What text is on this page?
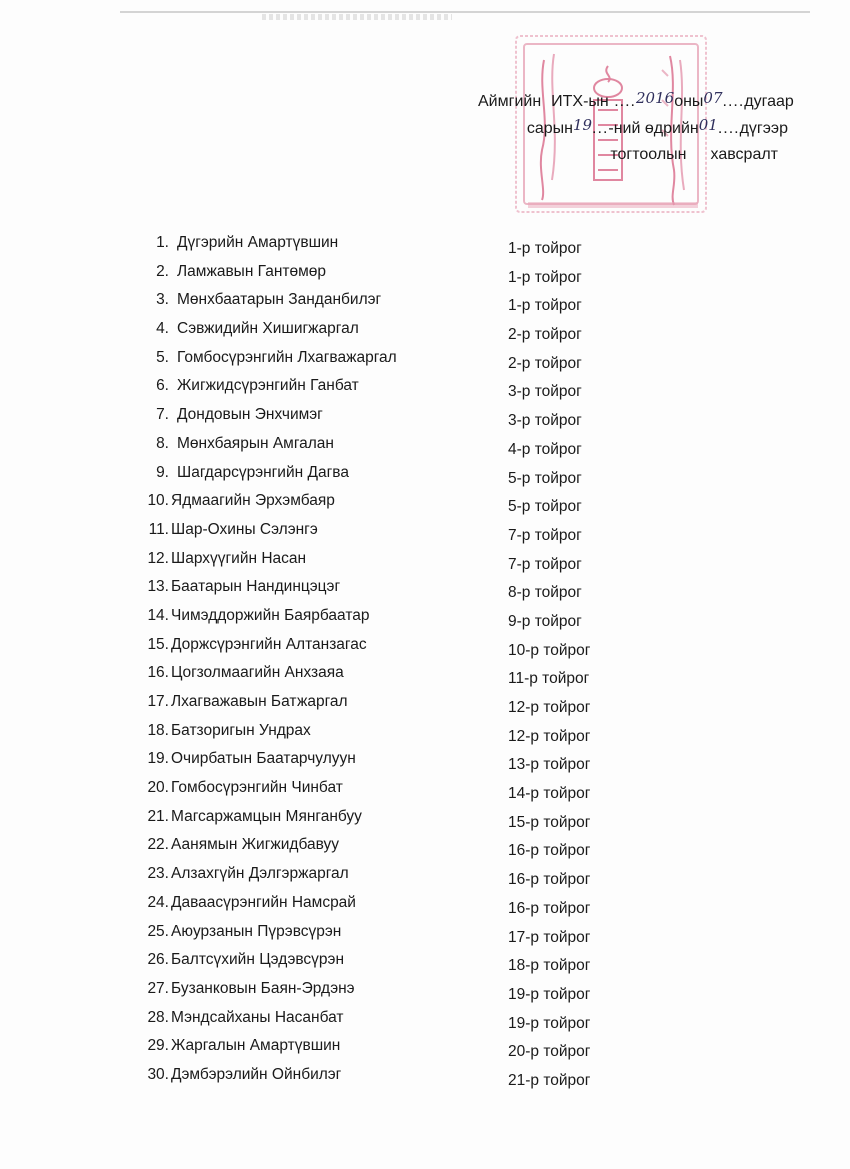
Аймгийн ИТХ-ын ....2016оны07....дугаар
сарын19...-ний өдрийн01....дүгээр
тогтоолын хавсралт
1. Дүгэрийн Амартүвшин	1-р тойрог
2. Ламжавын Гантөмөр	1-р тойрог
3. Мөнхбаатарын Занданбилэг	1-р тойрог
4. Сэвжидийн Хишигжаргал	2-р тойрог
5. Гомбосүрэнгийн Лхагважаргал	2-р тойрог
6. Жигжидсүрэнгийн Ганбат	3-р тойрог
7. Дондовын Энхчимэг	3-р тойрог
8. Мөнхбаярын Амгалан	4-р тойрог
9. Шагдарсүрэнгийн Дагва	5-р тойрог
10. Ядмаагийн Эрхэмбаяр	5-р тойрог
11. Шар-Охины Сэлэнгэ	7-р тойрог
12. Шархүүгийн Насан	7-р тойрог
13. Баатарын Нандинцэцэг	8-р тойрог
14. Чимэддоржийн Баярбаатар	9-р тойрог
15. Доржсүрэнгийн Алтанзагас	10-р тойрог
16. Цогзолмаагийн Анхзаяа	11-р тойрог
17. Лхагважавын Батжаргал	12-р тойрог
18. Батзоригын Ундрах	12-р тойрог
19. Очирбатын Баатарчулуун	13-р тойрог
20. Гомбосүрэнгийн Чинбат	14-р тойрог
21. Магсаржамцын Мянганбуу	15-р тойрог
22. Аанямын Жигжидбавуу	16-р тойрог
23. Алзахгүйн Дэлгэржаргал	16-р тойрог
24. Даваасүрэнгийн Намсрай	16-р тойрог
25. Аюурзанын Пүрэвсүрэн	17-р тойрог
26. Балтсүхийн Цэдэвсүрэн	18-р тойрог
27. Бузанковын Баян-Эрдэнэ	19-р тойрог
28. Мэндсайханы Насанбат	19-р тойрог
29. Жаргалын Амартүвшин	20-р тойрог
30. Дэмбэрэлийн Ойнбилэг	21-р тойрог
